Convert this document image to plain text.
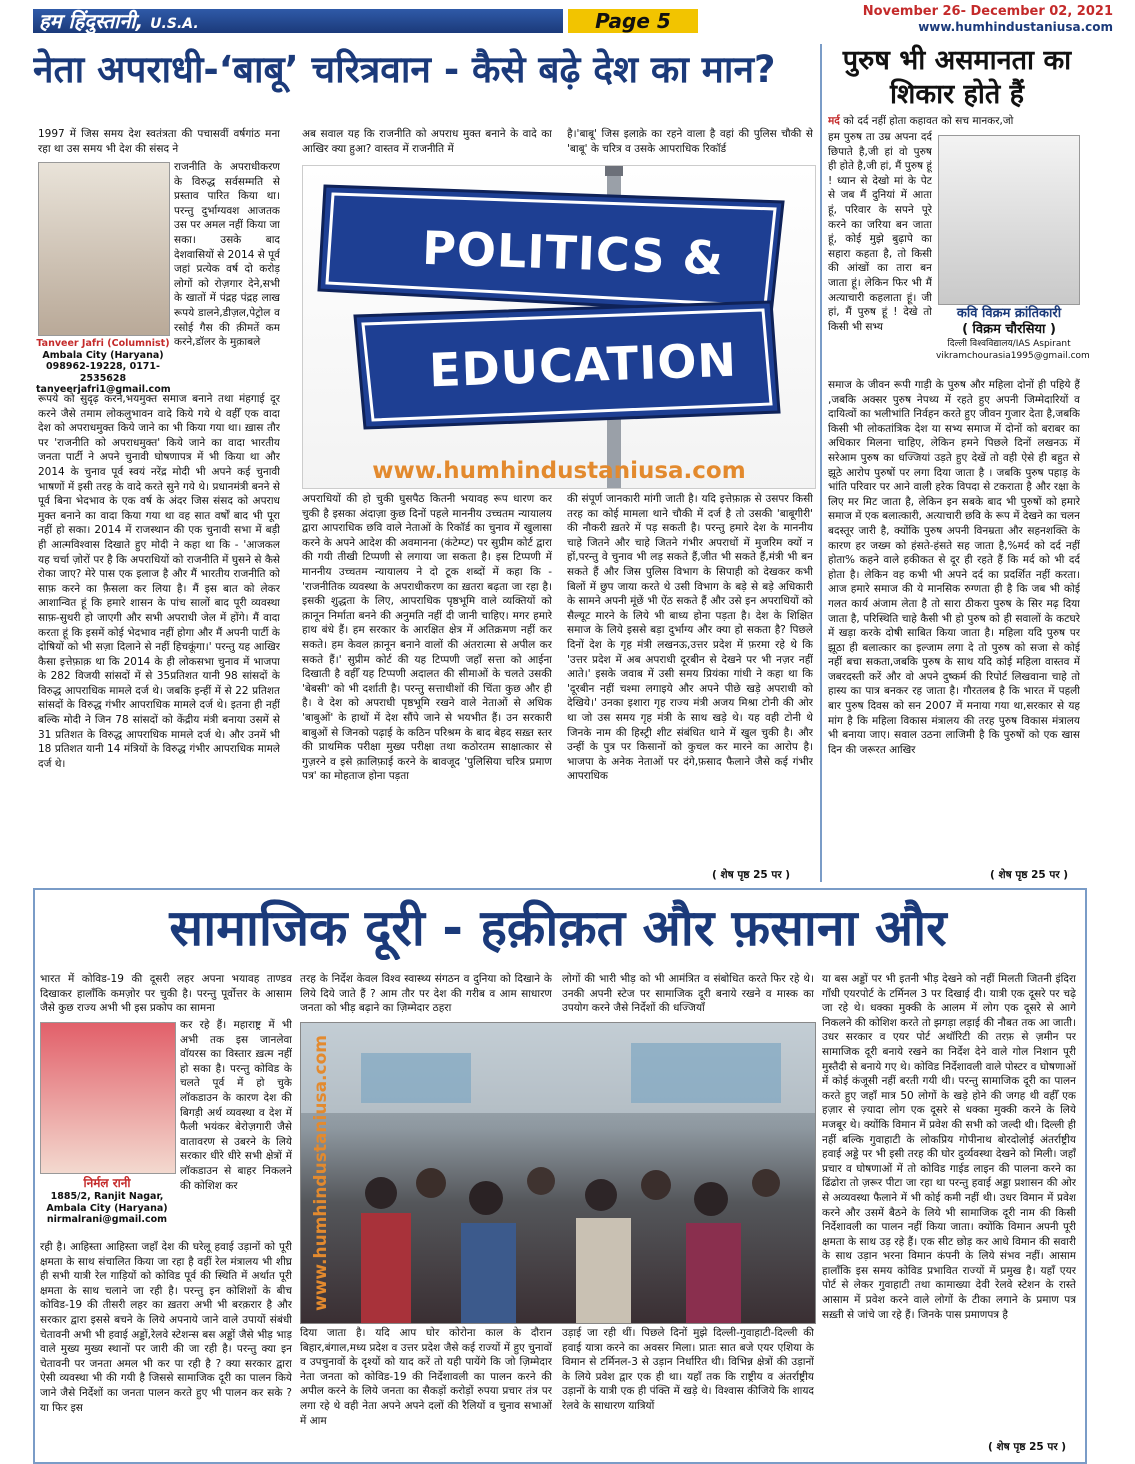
हम हिंदुस्तानी, U.S.A.	Page 5	November 26- December 02, 2021
www.humhindustaniusa.com
नेता अपराधी-‘बाबू’ चरित्रवान - कैसे बढ़े देश का मान?
1997 में जिस समय देश स्वतंत्रता की पचासवीं वर्षगांठ मना रहा था उस समय भी देश की संसद ने
Tanveer Jafri (Columnist)
Ambala City (Haryana)
098962-19228, 0171-2535628
tanveerjafri1@gmail.com
राजनीति के अपराधीकरण के विरुद्ध सर्वसम्मति से प्रस्ताव पारित किया था। परन्तु दुर्भाग्यवश आजतक उस पर अमल नहीं किया जा सका। उसके बाद देशवासियों से 2014 से पूर्व जहां प्रत्येक वर्ष दो करोड़ लोगों को रोज़गार देने,सभी के खातों में पंद्रह पंद्रह लाख रूपये डालने,डीज़ल,पेट्रोल व रसोई गैस की क़ीमतें कम करने,डॉलर के मुक़ाबले
रूपये को सुदृढ़ करने,भयमुक्त समाज बनाने तथा मंहगाई दूर करने जैसे तमाम लोकलुभावन वादे किये गये थे वहीँ एक वादा देश को अपराधमुक्त किये जाने का भी किया गया था। ख़ास तौर पर 'राजनीति को अपराधमुक्त' किये जाने का वादा भारतीय जनता पार्टी ने अपने चुनावी घोषणापत्र में भी किया था और 2014 के चुनाव पूर्व स्वयं नरेंद्र मोदी भी अपने कई चुनावी भाषणों में इसी तरह के वादे करते सुने गये थे। प्रधानमंत्री बनने से पूर्व बिना भेदभाव के एक वर्ष के अंदर जिस संसद को अपराध मुक्त बनाने का वादा किया गया था वह सात वर्षों बाद भी पूरा नहीं हो सका। 2014 में राजस्थान की एक चुनावी सभा में बड़ी ही आत्मविश्वास दिखाते हुए मोदी ने कहा था कि - 'आजकल यह चर्चा ज़ोरों पर है कि अपराधियों को राजनीति में घुसने से कैसे रोका जाए? मेरे पास एक इलाज है और मैं भारतीय राजनीति को साफ़ करने का फ़ैसला कर लिया है। मैं इस बात को लेकर आशान्वित हूं कि हमारे शासन के पांच सालों बाद पूरी व्यवस्था साफ़-सुथरी हो जाएगी और सभी अपराधी जेल में होंगे। मैं वादा करता हूं कि इसमें कोई भेदभाव नहीं होगा और मैं अपनी पार्टी के दोषियों को भी सज़ा दिलाने से नहीं हिचकूंगा।' परन्तु यह आखिर कैसा इत्तेफ़ाक़ था कि 2014 के ही लोकसभा चुनाव में भाजपा के 282 विजयी सांसदों में से 35प्रतिशत यानी 98 सांसदों के विरुद्ध आपराधिक मामले दर्ज थे। जबकि इन्हीं में से 22 प्रतिशत सांसदों के विरुद्ध गंभीर आपराधिक मामले दर्ज थे। इतना ही नहीं बल्कि मोदी ने जिन 78 सांसदों को केंद्रीय मंत्री बनाया उसमें से 31 प्रतिशत के विरुद्ध आपराधिक मामले दर्ज थे। और उनमें भी 18 प्रतिशत यानी 14 मंत्रियों के विरुद्ध गंभीर आपराधिक मामले दर्ज थे।
अब सवाल यह कि राजनीति को अपराध मुक्त बनाने के वादे का आखिर क्या हुआ? वास्तव में राजनीति में
है।'बाबू' जिस इलाक़े का रहने वाला है वहां की पुलिस चौकी से 'बाबू' के चरित्र व उसके आपराधिक रिकॉर्ड
POLITICS &
EDUCATION
www.humhindustaniusa.com
अपराधियों की हो चुकी घुसपैठ कितनी भयावह रूप धारण कर चुकी है इसका अंदाज़ा कुछ दिनों पहले माननीय उच्चतम न्यायालय द्वारा आपराधिक छवि वाले नेताओं के रिकॉर्ड का चुनाव में खुलासा करने के अपने आदेश की अवमानना (कंटेम्प्ट) पर सुप्रीम कोर्ट द्वारा की गयी तीखी टिप्पणी से लगाया जा सकता है। इस टिप्पणी में माननीय उच्चतम न्यायालय ने दो टूक शब्दों में कहा कि - 'राजनीतिक व्यवस्था के अपराधीकरण का ख़तरा बढ़ता जा रहा है। इसकी शुद्धता के लिए, आपराधिक पृष्ठभूमि वाले व्यक्तियों को क़ानून निर्माता बनने की अनुमति नहीं दी जानी चाहिए। मगर हमारे हाथ बंधे हैं। हम सरकार के आरक्षित क्षेत्र में अतिक्रमण नहीं कर सकते। हम केवल क़ानून बनाने वालों की अंतरात्मा से अपील कर सकते हैं।' सुप्रीम कोर्ट की यह टिप्पणी जहाँ सत्ता को आईना दिखाती है वहीँ यह टिप्पणी अदालत की सीमाओं के चलते उसकी 'बेबसी' को भी दर्शाती है। परन्तु सत्ताधीशों की चिंता कुछ और ही है। वे देश को अपराधी पृष्ठभूमि रखने वाले नेताओं से अधिक 'बाबुओं' के हाथों में देश सौंपे जाने से भयभीत हैं। उन सरकारी बाबुओं से जिनको पढ़ाई के कठिन परिश्रम के बाद बेहद सख़्त स्तर की प्राथमिक परीक्षा मुख्य परीक्षा तथा कठोरतम साक्षात्कार से गुज़रने व इसे क़ालिफ़ाई करने के बावजूद 'पुलिसिया चरित्र प्रमाण पत्र' का मोहताज होना पड़ता
की संपूर्ण जानकारी मांगी जाती है। यदि इत्तेफ़ाक़ से उसपर किसी तरह का कोई मामला थाने चौकी में दर्ज है तो उसकी 'बाबूगीरी' की नौकरी ख़तरे में पड़ सकती है। परन्तु हमारे देश के माननीय चाहे जितने और चाहे जितने गंभीर अपराधों में मुजरिम क्यों न हों,परन्तु वे चुनाव भी लड़ सकते हैं,जीत भी सकते हैं,मंत्री भी बन सकते हैं और जिस पुलिस विभाग के सिपाही को देखकर कभी बिलों में छुप जाया करते थे उसी विभाग के बड़े से बड़े अधिकारी के सामने अपनी मूंछें भी ऐंठ सकते हैं और उसे इन अपराधियों को सैल्यूट मारने के लिये भी बाध्य होना पड़ता है। देश के शिक्षित समाज के लिये इससे बड़ा दुर्भाग्य और क्या हो सकता है? पिछले दिनों देश के गृह मंत्री लखनऊ,उत्तर प्रदेश में फ़रमा रहे थे कि 'उत्तर प्रदेश में अब अपराधी दूरबीन से देखने पर भी नज़र नहीं आते।' इसके जवाब में उसी समय प्रियंका गांधी ने कहा था कि 'दूरबीन नहीं चश्मा लगाइये और अपने पीछे खड़े अपराधी को देखिये।' उनका इशारा गृह राज्य मंत्री अजय मिश्रा टोनी की ओर था जो उस समय गृह मंत्री के साथ खड़े थे। यह वही टोनी थे जिनके नाम की हिस्ट्री शीट संबंधित थाने में खुल चुकी है। और उन्हीं के पुत्र पर किसानों को कुचल कर मारने का आरोप है। भाजपा के अनेक नेताओं पर दंगे,फ़साद फैलाने जैसे कई गंभीर आपराधिक
( शेष पृष्ठ 25 पर )
पुरुष भी असमानता का शिकार होते हैं
मर्द को दर्द नहीं होता कहावत को सच मानकर,जो
हम पुरुष ता उम्र अपना दर्द छिपाते है,जी हां वो पुरुष ही होते है,जी हां, मैं पुरुष हूं ! ध्यान से देखो मां के पेट से जब मैं दुनियां में आता हूं, परिवार के सपने पूरे करने का जरिया बन जाता हूं, कोई मुझे बुढ़ापे का सहारा कहता है, तो किसी की आंखों का तारा बन जाता हूं। लेकिन फिर भी मैं अत्याचारी कहलाता हूं। जी हां, मैं पुरुष हूं ! देखे तो किसी भी सभ्य
कवि विक्रम क्रांतिकारी
( विक्रम चौरसिया )
दिल्ली विश्वविद्यालय/IAS Aspirant
vikramchourasia1995@gmail.com
समाज के जीवन रूपी गाड़ी के पुरुष और महिला दोनों ही पहिये हैं ,जबकि अक्सर पुरुष नेपथ्य में रहते हुए अपनी जिम्मेदारियों व दायित्वों का भलीभांति निर्वहन करते हुए जीवन गुजार देता है,जबकि किसी भी लोकतांत्रिक देश या सभ्य समाज में दोनों को बराबर का अधिकार मिलना चाहिए, लेकिन हमने पिछले दिनों लखनऊ में सरेआम पुरुष का धज्जियां उड़ते हुए देखें तो वही ऐसे ही बहुत से झूठे आरोप पुरुषों पर लगा दिया जाता है । जबकि पुरुष पहाड़ के भांति परिवार पर आने वाली हरेक विपदा से टकराता है और रक्षा के लिए मर मिट जाता है, लेकिन इन सबके बाद भी पुरुषों को हमारे समाज में एक बलात्कारी, अत्याचारी छवि के रूप में देखने का चलन बदस्तूर जारी है, क्योंकि पुरुष अपनी विनम्रता और सहनशक्ति के कारण हर जख्म को हंसते-हंसते सह जाता है,%मर्द को दर्द नहीं होता% कहने वाले हकीकत से दूर ही रहते हैं कि मर्द को भी दर्द होता है। लेकिन वह कभी भी अपने दर्द का प्रदर्शित नहीं करता।आज हमारे समाज की ये मानसिक रुग्णता ही है कि जब भी कोई गलत कार्य अंजाम लेता है तो सारा ठीकरा पुरुष के सिर मढ़ दिया जाता है, परिस्थिति चाहे कैसी भी हो पुरुष को ही सवालों के कटघरे में खड़ा करके दोषी साबित किया जाता है। महिला यदि पुरुष पर झूठा ही बलात्कार का इल्जाम लगा दे तो पुरुष को सजा से कोई नहीं बचा सकता,जबकि पुरुष के साथ यदि कोई महिला वास्तव में जबरदस्ती करें और वो अपने दुष्कर्म की रिपोर्ट लिखवाना चाहे तो हास्य का पात्र बनकर रह जाता है। गौरतलब है कि भारत में पहली बार पुरुष दिवस को सन 2007 में मनाया गया था,सरकार से यह मांग है कि महिला विकास मंत्रालय की तरह पुरुष विकास मंत्रालय भी बनाया जाए। सवाल उठना लाजिमी है कि पुरुषों को एक खास दिन की जरूरत आखिर
( शेष पृष्ठ 25 पर )
सामाजिक दूरी - हक़ीक़त और फ़साना और
भारत में कोविड-19 की दूसरी लहर अपना भयावह ताण्डव दिखाकर हालाँकि कमज़ोर पर चुकी है। परन्तु पूर्वोत्तर के आसाम जैसे कुछ राज्य अभी भी इस प्रकोप का सामना
निर्मल रानी
1885/2, Ranjit Nagar,
Ambala City (Haryana)
nirmalrani@gmail.com
कर रहे हैं। महाराष्ट्र में भी अभी तक इस जानलेवा वॉयरस का विस्तार ख़त्म नहीं हो सका है। परन्तु कोविड के चलते पूर्व में हो चुके लॉकडाउन के कारण देश की बिगड़ी अर्थ व्यवस्था व देश में फैली भयंकर बेरोज़गारी जैसे वातावरण से उबरने के लिये सरकार धीरे धीरे सभी क्षेत्रों में लॉकडाउन से बाहर निकलने की कोशिश कर
रही है। आहिस्ता आहिस्ता जहाँ देश की घरेलू हवाई उड़ानों को पूरी क्षमता के साथ संचालित किया जा रहा है वहीं रेल मंत्रालय भी शीघ्र ही सभी यात्री रेल गाड़ियों को कोविड पूर्व की स्थिति में अर्थात पूरी क्षमता के साथ चलाने जा रही है। परन्तु इन कोशिशों के बीच कोविड-19 की तीसरी लहर का ख़तरा अभी भी बरक़रार है और सरकार द्वारा इससे बचने के लिये अपनाये जाने वाले उपायों संबंधी चेतावनी अभी भी हवाई अड्डों,रेलवे स्टेशन्स बस अड्डों जैसे भीड़ भाड़ वाले मुख्य मुख्य स्थानों पर जारी की जा रही है। परन्तु क्या इन चेतावनी पर जनता अमल भी कर पा रही है ? क्या सरकार द्वारा ऐसी व्यवस्था भी की गयी है जिससे सामाजिक दूरी का पालन किये जाने जैसे निर्देशों का जनता पालन करते हुए भी पालन कर सके ? या फिर इस
तरह के निर्देश केवल विश्व स्वास्थ्य संगठन व दुनिया को दिखाने के लिये दिये जाते हैं ? आम तौर पर देश की गरीब व आम साधारण जनता को भीड़ बढ़ाने का ज़िम्मेदार ठहरा
लोगों की भारी भीड़ को भी आमंत्रित व संबोधित करते फिर रहे थे। उनकी अपनी स्टेज पर सामाजिक दूरी बनाये रखने व मास्क का उपयोग करने जैसे निर्देशों की धज्जियाँ
www.humhindustaniusa.com
दिया जाता है। यदि आप घोर कोरोना काल के दौरान बिहार,बंगाल,मध्य प्रदेश व उत्तर प्रदेश जैसे कई राज्यों में हुए चुनावों व उपचुनावों के दृश्यों को याद करें तो यही पायेंगे कि जो ज़िम्मेदार नेता जनता को कोविड-19 की निर्देशावली का पालन करने की अपील करने के लिये जनता का सैकड़ों करोड़ों रुपया प्रचार तंत्र पर लगा रहे थे वही नेता अपने अपने दलों की रैलियों व चुनाव सभाओं में आम
उड़ाई जा रही थीं। पिछले दिनों मुझे दिल्ली-गुवाहाटी-दिल्ली की हवाई यात्रा करने का अवसर मिला। प्रातः सात बजे एयर एशिया के विमान से टर्मिनल-3 से उड़ान निर्धारित थी। विभिन्न क्षेत्रों की उड़ानों के लिये प्रवेश द्वार एक ही था। यहाँ तक कि राष्ट्रीय व अंतर्राष्ट्रीय उड़ानों के यात्री एक ही पंक्ति में खड़े थे। विश्वास कीजिये कि शायद रेलवे के साधारण यात्रियों
या बस अड्डों पर भी इतनी भीड़ देखने को नहीं मिलती जितनी इंदिरा गाँधी एयरपोर्ट के टर्मिनल 3 पर दिखाई दी। यात्री एक दूसरे पर चढ़े जा रहे थे। धक्का मुक्की के आलम में लोग एक दूसरे से आगे निकलने की कोशिश करते तो झगड़ा लड़ाई की नौबत तक आ जाती। उधर सरकार व एयर पोर्ट अथॉरिटी की तरफ़ से ज़मीन पर सामाजिक दूरी बनाये रखने का निर्देश देने वाले गोल निशान पूरी मुस्तैदी से बनाये गए थे। कोविड निर्देशावली वाले पोस्टर व घोषणाओं में कोई कंजूसी नहीं बरती गयी थी। परन्तु सामाजिक दूरी का पालन करते हुए जहाँ मात्र 50 लोगों के खड़े होने की जगह थी वहीँ एक हज़ार से ज़्यादा लोग एक दूसरे से धक्का मुक्की करने के लिये मजबूर थे। क्योंकि विमान में प्रवेश की सभी को जल्दी थी। दिल्ली ही नहीं बल्कि गुवाहाटी के लोकप्रिय गोपीनाथ बोरदोलोई अंतर्राष्ट्रीय हवाई अड्डे पर भी इसी तरह की घोर दुर्व्यवस्था देखने को मिली। जहाँ प्रचार व घोषणाओं में तो कोविड गाईड लाइन की पालना करने का ढिंढोरा तो ज़रूर पीटा जा रहा था परन्तु हवाई अड्डा प्रशासन की ओर से अव्यवस्था फैलाने में भी कोई कमी नहीं थी। उधर विमान में प्रवेश करने और उसमें बैठने के लिये भी सामाजिक दूरी नाम की किसी निर्देशावली का पालन नहीं किया जाता। क्योंकि विमान अपनी पूरी क्षमता के साथ उड़ रहे हैं। एक सीट छोड़ कर आधे विमान की सवारी के साथ उड़ान भरना विमान कंपनी के लिये संभव नहीं। आसाम हालाँकि इस समय कोविड प्रभावित राज्यों में प्रमुख है। यहाँ एयर पोर्ट से लेकर गुवाहाटी तथा कामाख्या देवी रेलवे स्टेशन के रास्ते आसाम में प्रवेश करने वाले लोगों के टीका लगाने के प्रमाण पत्र सख़्ती से जांचे जा रहे हैं। जिनके पास प्रमाणपत्र है
( शेष पृष्ठ 25 पर )
